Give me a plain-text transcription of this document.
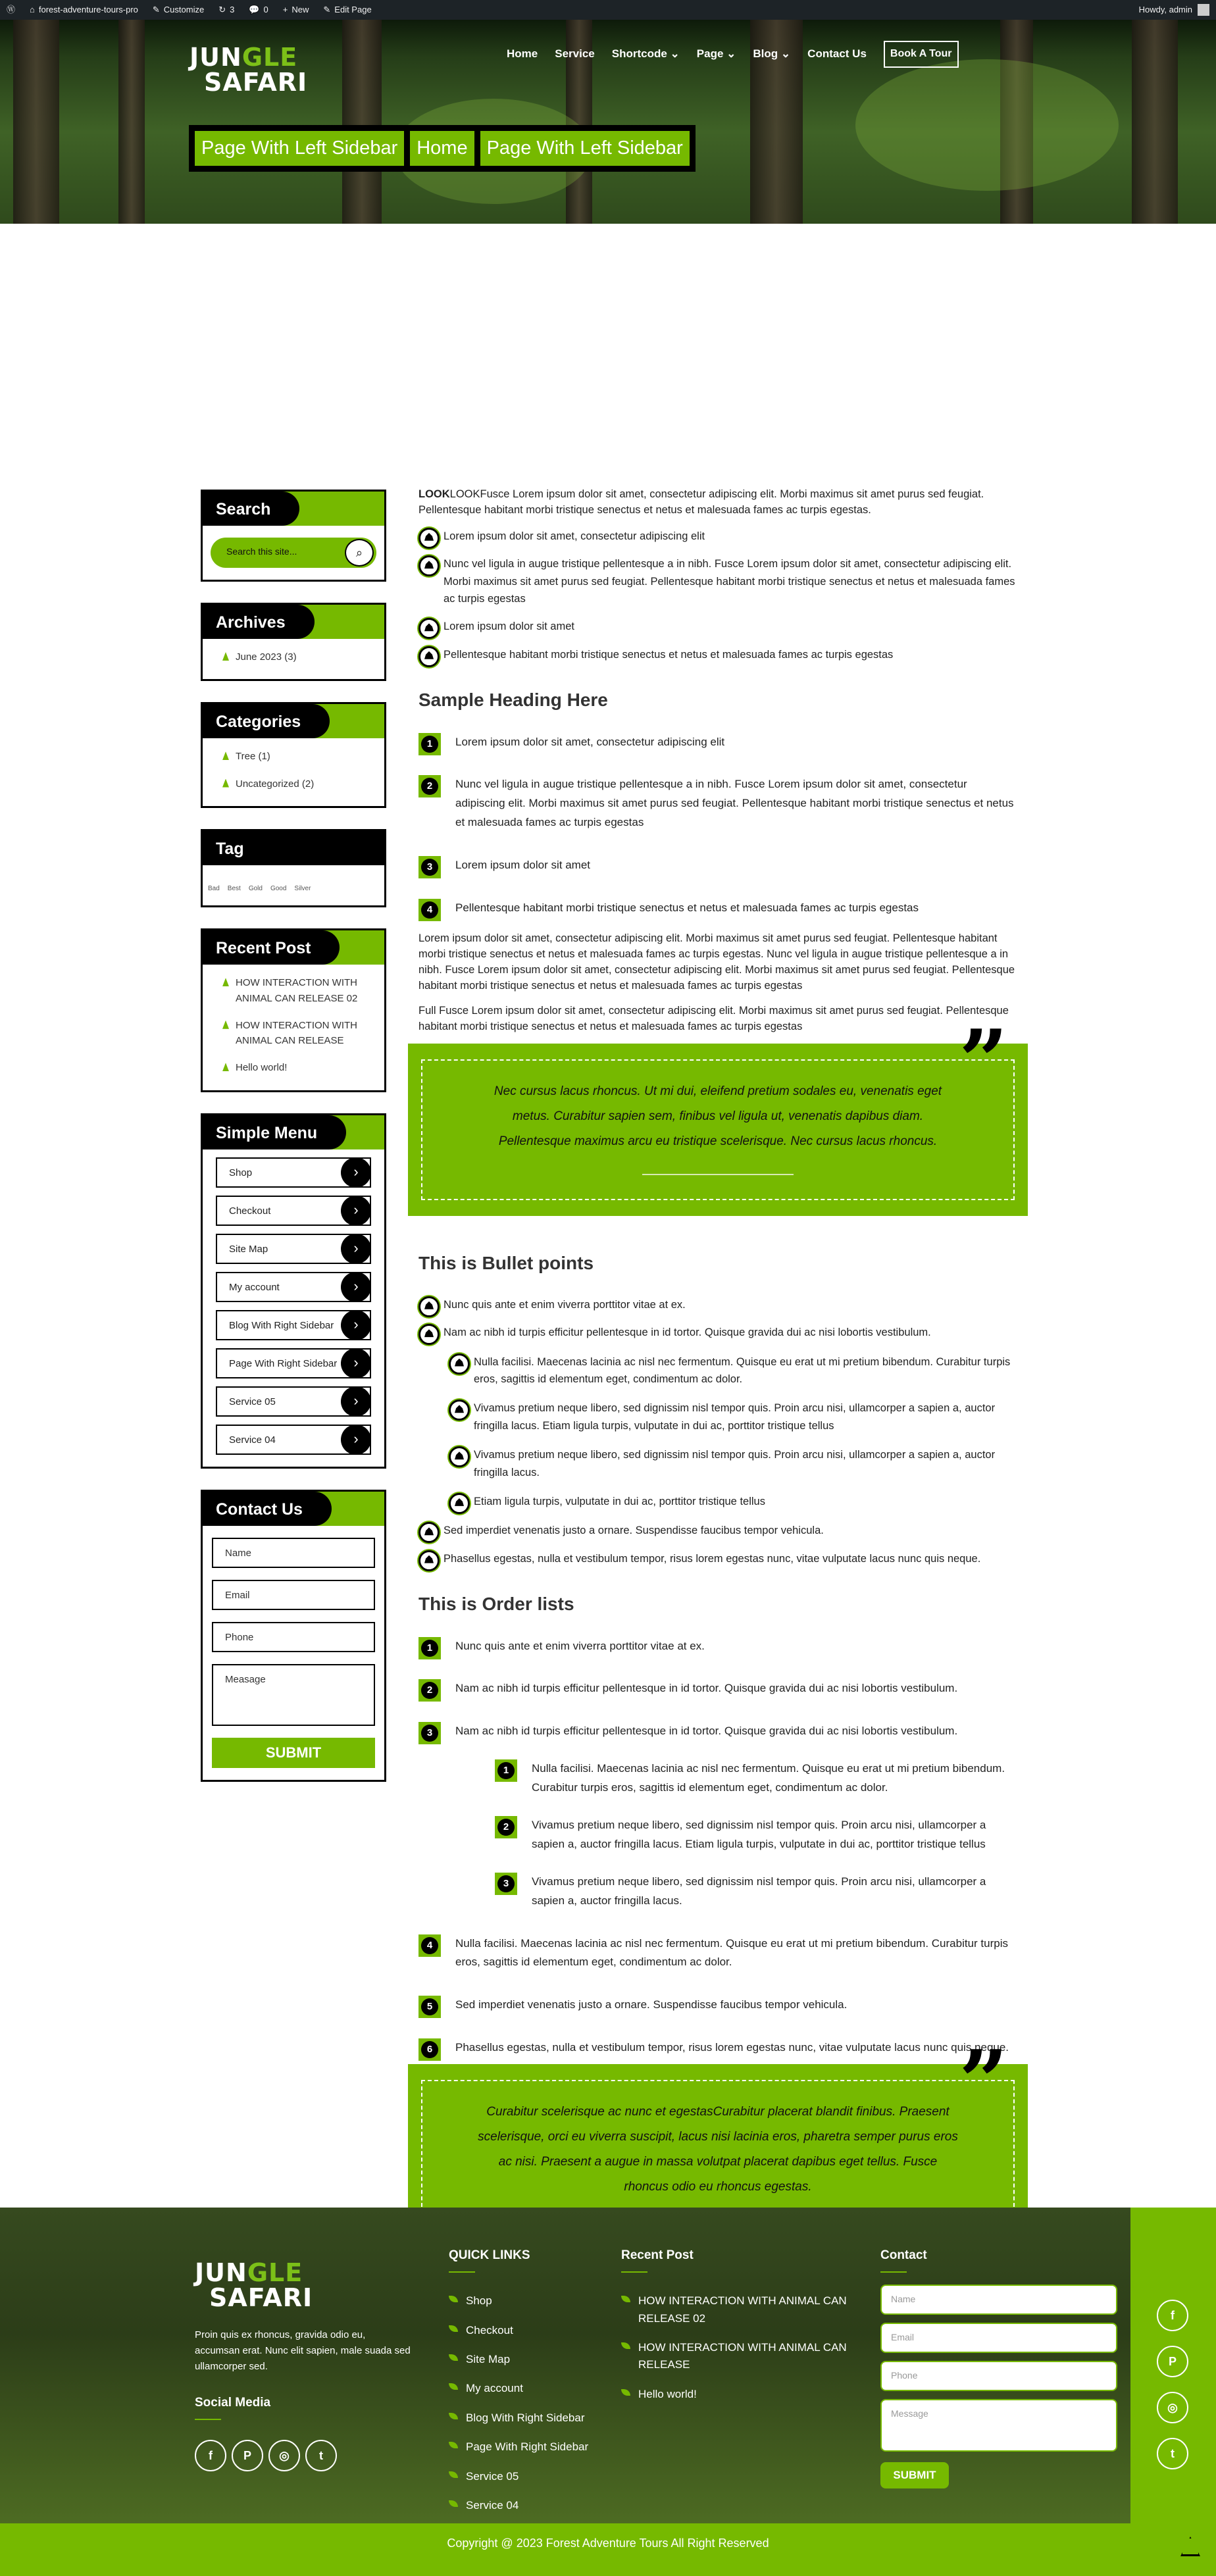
Ⓦ ⌂ forest-adventure-tours-pro ✎ Customize ↻ 3 💬 0 + New ✎ Edit Page	Howdy, admin
JUNGLE
SAFARI
Home Service Shortcode ⌄ Page ⌄ Blog ⌄ Contact Us	Book A Tour
Page With Left Sidebar	Home	Page With Left Sidebar
Search
Search this site...	⌕
Archives
June 2023 (3)
Categories
Tree (1)
Uncategorized (2)
Tag
Bad Best Gold Good Silver
Recent Post
HOW INTERACTION WITH ANIMAL CAN RELEASE 02
HOW INTERACTION WITH ANIMAL CAN RELEASE
Hello world!
Simple Menu
Shop	›
Checkout	›
Site Map	›
My account	›
Blog With Right Sidebar	›
Page With Right Sidebar	›
Service 05	›
Service 04	›
Contact Us
Name
Email
Phone
Measage
SUBMIT

LOOKLOOKFusce Lorem ipsum dolor sit amet, consectetur adipiscing elit. Morbi maximus sit amet purus sed feugiat. Pellentesque habitant morbi tristique senectus et netus et malesuada fames ac turpis egestas.

Lorem ipsum dolor sit amet, consectetur adipiscing elit
Nunc vel ligula in augue tristique pellentesque a in nibh. Fusce Lorem ipsum dolor sit amet, consectetur adipiscing elit. Morbi maximus sit amet purus sed feugiat. Pellentesque habitant morbi tristique senectus et netus et malesuada fames ac turpis egestas
Lorem ipsum dolor sit amet
Pellentesque habitant morbi tristique senectus et netus et malesuada fames ac turpis egestas
Sample Heading Here
1	Lorem ipsum dolor sit amet, consectetur adipiscing elit
2	Nunc vel ligula in augue tristique pellentesque a in nibh. Fusce Lorem ipsum dolor sit amet, consectetur adipiscing elit. Morbi maximus sit amet purus sed feugiat. Pellentesque habitant morbi tristique senectus et netus et malesuada fames ac turpis egestas
3	Lorem ipsum dolor sit amet
4	Pellentesque habitant morbi tristique senectus et netus et malesuada fames ac turpis egestas

Lorem ipsum dolor sit amet, consectetur adipiscing elit. Morbi maximus sit amet purus sed feugiat. Pellentesque habitant morbi tristique senectus et netus et malesuada fames ac turpis egestas. Nunc vel ligula in augue tristique pellentesque a in nibh. Fusce Lorem ipsum dolor sit amet, consectetur adipiscing elit. Morbi maximus sit amet purus sed feugiat. Pellentesque habitant morbi tristique senectus et netus et malesuada fames ac turpis egestas

Full Fusce Lorem ipsum dolor sit amet, consectetur adipiscing elit. Morbi maximus sit amet purus sed feugiat. Pellentesque habitant morbi tristique senectus et netus et malesuada fames ac turpis egestas	”
Nec cursus lacus rhoncus. Ut mi dui, eleifend pretium sodales eu, venenatis eget metus. Curabitur sapien sem, finibus vel ligula ut, venenatis dapibus diam. Pellentesque maximus arcu eu tristique scelerisque. Nec cursus lacus rhoncus.
This is Bullet points
Nunc quis ante et enim viverra porttitor vitae at ex.
Nam ac nibh id turpis efficitur pellentesque in id tortor. Quisque gravida dui ac nisi lobortis vestibulum.
Nulla facilisi. Maecenas lacinia ac nisl nec fermentum. Quisque eu erat ut mi pretium bibendum. Curabitur turpis eros, sagittis id elementum eget, condimentum ac dolor.
Vivamus pretium neque libero, sed dignissim nisl tempor quis. Proin arcu nisi, ullamcorper a sapien a, auctor fringilla lacus. Etiam ligula turpis, vulputate in dui ac, porttitor tristique tellus
Vivamus pretium neque libero, sed dignissim nisl tempor quis. Proin arcu nisi, ullamcorper a sapien a, auctor fringilla lacus.
Etiam ligula turpis, vulputate in dui ac, porttitor tristique tellus
Sed imperdiet venenatis justo a ornare. Suspendisse faucibus tempor vehicula.
Phasellus egestas, nulla et vestibulum tempor, risus lorem egestas nunc, vitae vulputate lacus nunc quis neque.
This is Order lists
1	Nunc quis ante et enim viverra porttitor vitae at ex.
2	Nam ac nibh id turpis efficitur pellentesque in id tortor. Quisque gravida dui ac nisi lobortis vestibulum.
3	Nam ac nibh id turpis efficitur pellentesque in id tortor. Quisque gravida dui ac nisi lobortis vestibulum.
1	Nulla facilisi. Maecenas lacinia ac nisl nec fermentum. Quisque eu erat ut mi pretium bibendum. Curabitur turpis eros, sagittis id elementum eget, condimentum ac dolor.
2	Vivamus pretium neque libero, sed dignissim nisl tempor quis. Proin arcu nisi, ullamcorper a sapien a, auctor fringilla lacus. Etiam ligula turpis, vulputate in dui ac, porttitor tristique tellus
3	Vivamus pretium neque libero, sed dignissim nisl tempor quis. Proin arcu nisi, ullamcorper a sapien a, auctor fringilla lacus.
4	Nulla facilisi. Maecenas lacinia ac nisl nec fermentum. Quisque eu erat ut mi pretium bibendum. Curabitur turpis eros, sagittis id elementum eget, condimentum ac dolor.
5	Sed imperdiet venenatis justo a ornare. Suspendisse faucibus tempor vehicula.
6	Phasellus egestas, nulla et vestibulum tempor, risus lorem egestas nunc, vitae vulputate lacus nunc quis neque.
”
Curabitur scelerisque ac nunc et egestasCurabitur placerat blandit finibus. Praesent scelerisque, orci eu viverra suscipit, lacus nisi lacinia eros, pharetra semper purus eros ac nisi. Praesent a augue in massa volutpat placerat dapibus eget tellus. Fusce rhoncus odio eu rhoncus egestas.

JUNGLE
SAFARI

Proin quis ex rhoncus, gravida odio eu, accumsan erat. Nunc elit sapien, male suada sed ullamcorper sed.

Social Media
f	P	◎	t
QUICK LINKS
Shop
Checkout
Site Map
My account
Blog With Right Sidebar
Page With Right Sidebar
Service 05
Service 04
Recent Post
HOW INTERACTION WITH ANIMAL CAN RELEASE 02
HOW INTERACTION WITH ANIMAL CAN RELEASE
Hello world!
Contact
Name
Email
Phone
Message
SUBMIT
f
P
◎
t
Copyright @ 2023 Forest Adventure Tours All Right Reserved
